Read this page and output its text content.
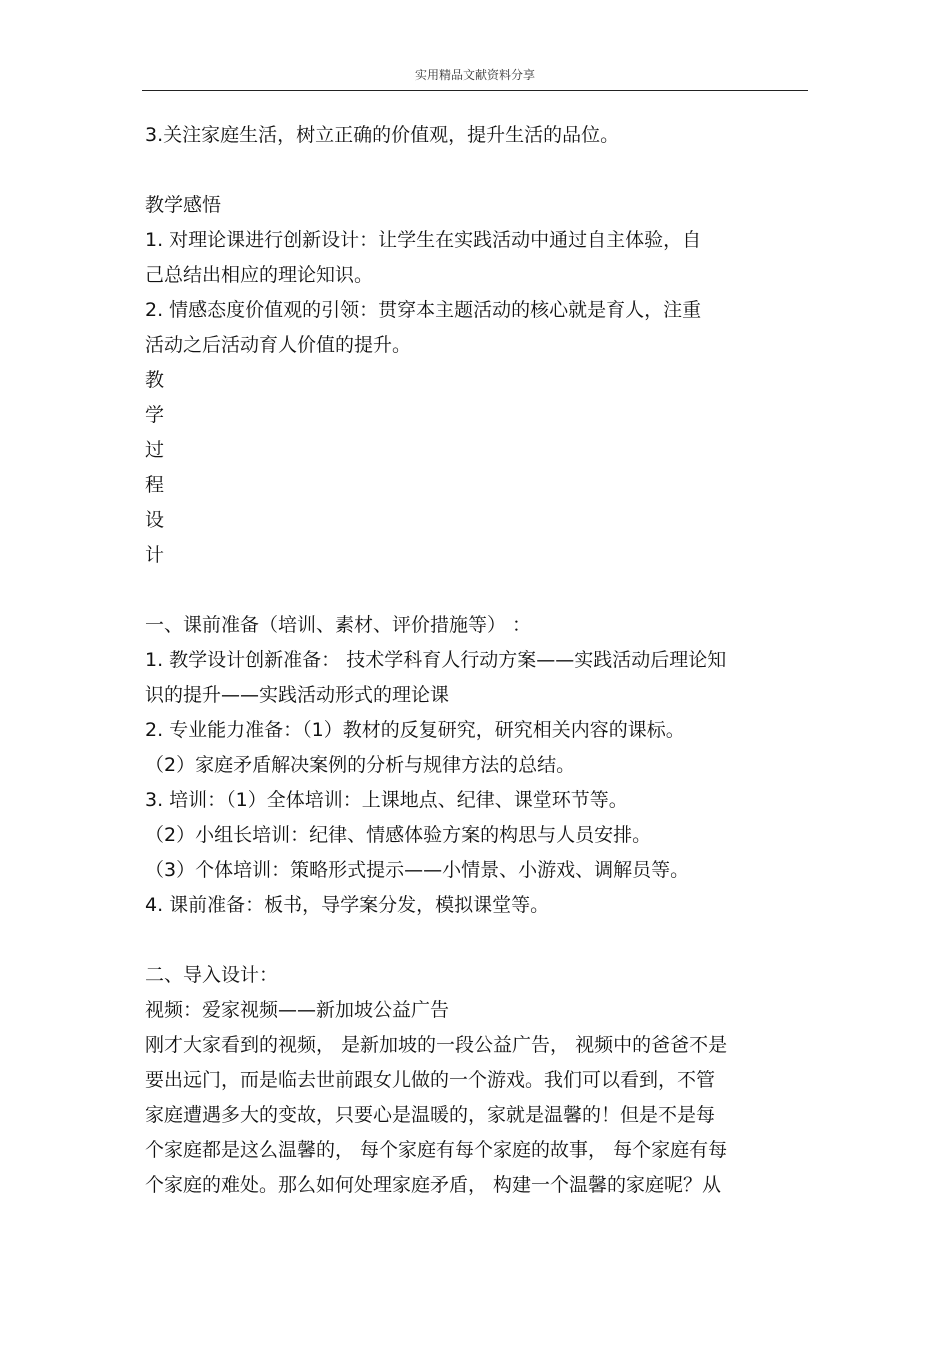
实用精品文献资料分享
3.关注家庭生活，树立正确的价值观，提升生活的品位。
教学感悟
1. 对理论课进行创新设计：让学生在实践活动中通过自主体验，自
己总结出相应的理论知识。
2. 情感态度价值观的引领：贯穿本主题活动的核心就是育人，注重
活动之后活动育人价值的提升。
教
学
过
程
设
计
一、课前准备（培训、素材、评价措施等） ：
1. 教学设计创新准备： 技术学科育人行动方案——实践活动后理论知
识的提升——实践活动形式的理论课
2. 专业能力准备：（1）教材的反复研究，研究相关内容的课标。
（2）家庭矛盾解决案例的分析与规律方法的总结。
3. 培训：（1）全体培训：上课地点、纪律、课堂环节等。
（2）小组长培训：纪律、情感体验方案的构思与人员安排。
（3）个体培训：策略形式提示——小情景、小游戏、调解员等。
4. 课前准备：板书，导学案分发，模拟课堂等。
二、导入设计：
视频：爱家视频——新加坡公益广告
刚才大家看到的视频， 是新加坡的一段公益广告， 视频中的爸爸不是
要出远门，而是临去世前跟女儿做的一个游戏。我们可以看到，不管
家庭遭遇多大的变故，只要心是温暖的，家就是温馨的！但是不是每
个家庭都是这么温馨的， 每个家庭有每个家庭的故事， 每个家庭有每
个家庭的难处。那么如何处理家庭矛盾， 构建一个温馨的家庭呢？从
